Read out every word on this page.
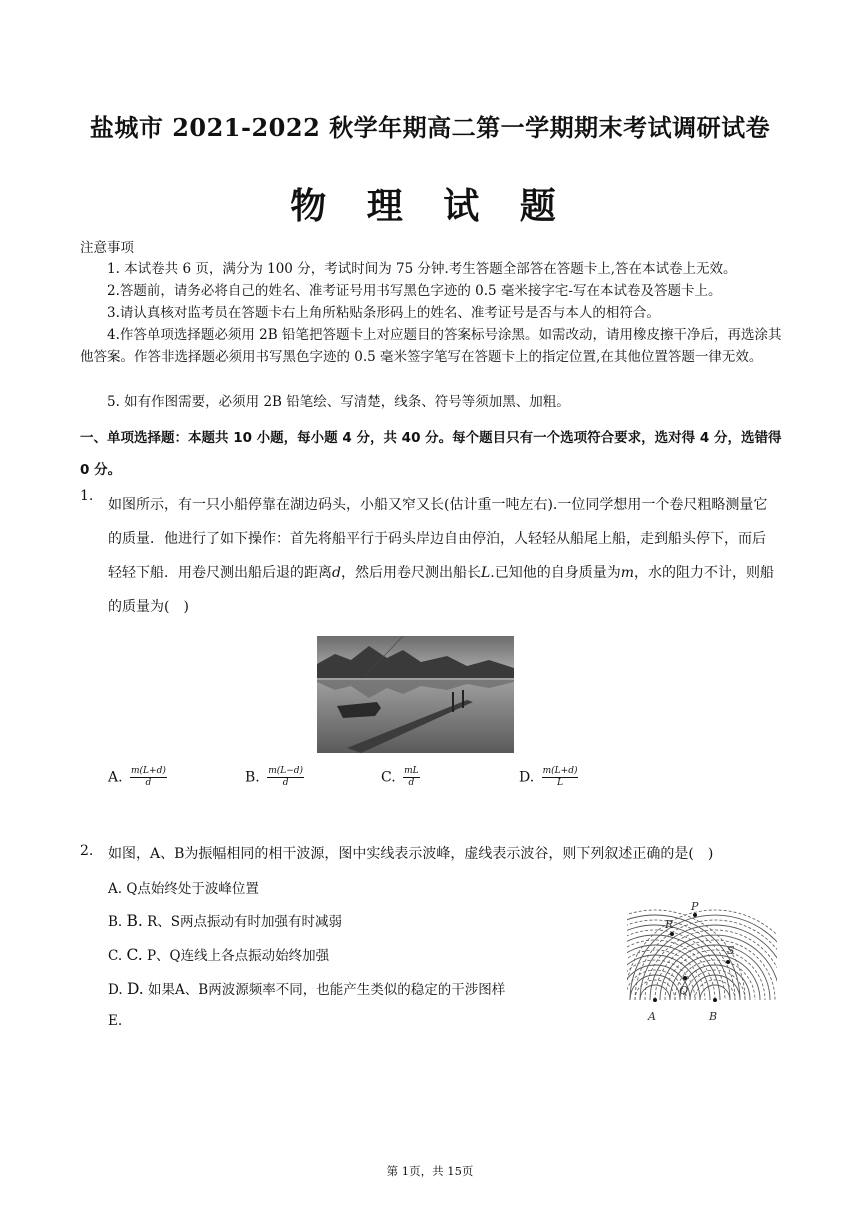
盐城市 2021-2022 秋学年期高二第一学期期末考试调研试卷
物 理 试 题
注意事项
1. 本试卷共 6 页，满分为 100 分，考试时间为 75 分钟.考生答题全部答在答题卡上,答在本试卷上无效。
2.答题前，请务必将自己的姓名、准考证号用书写黑色字迹的 0.5 毫米接字宅-写在本试卷及答题卡上。
3.请认真核对监考员在答题卡右上角所粘贴条形码上的姓名、准考证号是否与本人的相符合。
4.作答单项选择题必须用 2B 铅笔把答题卡上对应题目的答案标号涂黑。如需改动，请用橡皮擦干净后，再选涂其他答案。作答非选择题必须用书写黑色字迹的 0.5 毫米签字笔写在答题卡上的指定位置,在其他位置答题一律无效。
5. 如有作图需要，必须用 2B 铅笔绘、写清楚，线条、符号等须加黑、加粗。
一、单项选择题：本题共 10 小题，每小题 4 分，共 40 分。每个题目只有一个选项符合要求，选对得 4 分，选错得 0 分。
1.
如图所示，有一只小船停靠在湖边码头，小船又窄又长(估计重一吨左右).一位同学想用一个卷尺粗略测量它的质量．他进行了如下操作：首先将船平行于码头岸边自由停泊，人轻轻从船尾上船，走到船头停下，而后轻轻下船．用卷尺测出船后退的距离d，然后用卷尺测出船长L.已知他的自身质量为m，水的阻力不计，则船的质量为(　)
A. $\frac{m(L+d)}{d}$	B. $\frac{m(L-d)}{d}$	C. $\frac{mL}{d}$	D. $\frac{m(L+d)}{L}$
2. 如图，A、B为振幅相同的相干波源，图中实线表示波峰，虚线表示波谷，则下列叙述正确的是(　)
A. Q点始终处于波峰位置
B. B. R、S两点振动有时加强有时减弱
C. C. P、Q连线上各点振动始终加强
D. D. 如果A、B两波源频率不同，也能产生类似的稳定的干涉图样
E.
P
R
S
Q
A	B
第 1页，共 15页
